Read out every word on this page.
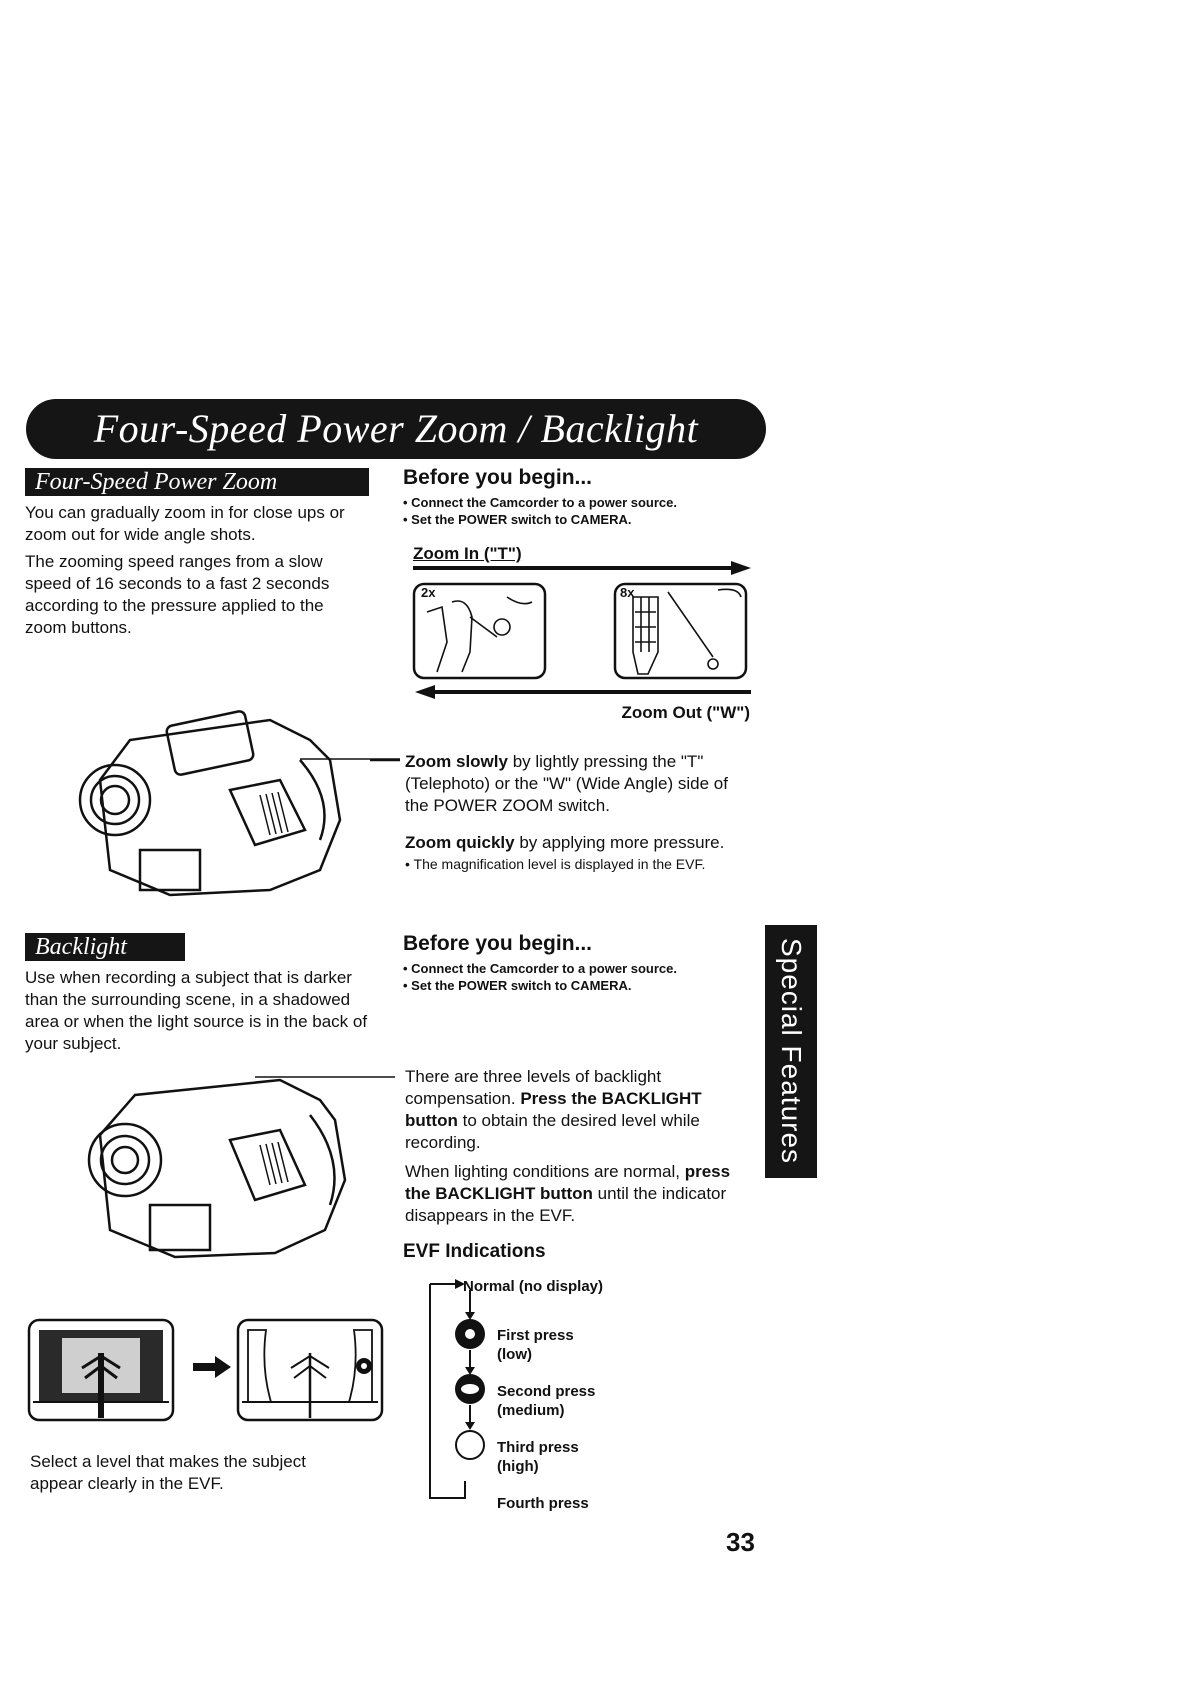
Four-Speed Power Zoom / Backlight
Special Features
Four-Speed Power Zoom
You can gradually zoom in for close ups or zoom out for wide angle shots.
The zooming speed ranges from a slow speed of 16 seconds to a fast 2 seconds according to the pressure applied to the zoom buttons.
Before you begin...
• Connect the Camcorder to a power source.
• Set the POWER switch to CAMERA.
Zoom In ("T")
2x	8x
Zoom Out ("W")
Zoom slowly by lightly pressing the "T" (Telephoto) or the "W" (Wide Angle) side of the POWER ZOOM switch.
Zoom quickly by applying more pressure.
• The magnification level is displayed in the EVF.
Backlight
Use when recording a subject that is darker than the surrounding scene, in a shadowed area or when the light source is in the back of your subject.
Select a level that makes the subject appear clearly in the EVF.
Before you begin...
• Connect the Camcorder to a power source.
• Set the POWER switch to CAMERA.
There are three levels of backlight compensation. Press the BACKLIGHT button to obtain the desired level while recording.
When lighting conditions are normal, press the BACKLIGHT button until the indicator disappears in the EVF.
EVF Indications
Normal (no display)
First press
(low)
Second press
(medium)
Third press
(high)
Fourth press
33
